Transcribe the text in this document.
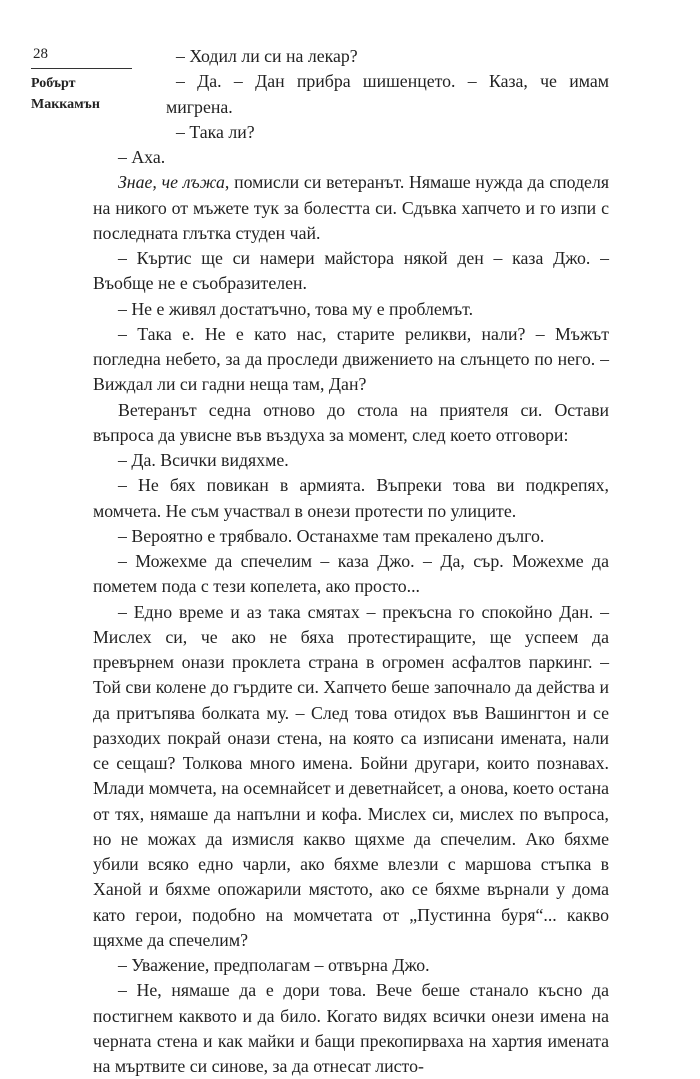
28
Робърт
Маккамън

– Ходил ли си на лекар?

– Да. – Дан прибра шишенцето. – Каза, че имам мигрена.

– Така ли?

– Аха.

Знае, че лъжа, помисли си ветеранът. Нямаше нужда да споделя на никого от мъжете тук за болестта си. Сдъвка хапчето и го изпи с последната глътка студен чай.

– Къртис ще си намери майстора някой ден – каза Джо. – Въобще не е съобразителен.

– Не е живял достатъчно, това му е проблемът.

– Така е. Не е като нас, старите реликви, нали? – Мъжът погледна небето, за да проследи движението на слънцето по него. – Виждал ли си гадни неща там, Дан?

Ветеранът седна отново до стола на приятеля си. Остави въпроса да увисне във въздуха за момент, след което отговори:

– Да. Всички видяхме.

– Не бях повикан в армията. Въпреки това ви подкрепях, момчета. Не съм участвал в онези протести по улиците.

– Вероятно е трябвало. Останахме там прекалено дълго.

– Можехме да спечелим – каза Джо. – Да, сър. Можехме да пометем пода с тези копелета, ако просто...

– Едно време и аз така смятах – прекъсна го спокойно Дан. – Мислех си, че ако не бяха протестиращите, ще успеем да превърнем онази проклета страна в огромен асфалтов паркинг. – Той сви колене до гърдите си. Хапчето беше започнало да действа и да притъпява болката му. – След това отидох във Вашингтон и се разходих покрай онази стена, на която са изписани имената, нали се сещаш? Толкова много имена. Бойни другари, които познавах. Млади момчета, на осемнайсет и деветнайсет, а онова, което остана от тях, нямаше да напълни и кофа. Мислех си, мислех по въпроса, но не можах да измисля какво щяхме да спечелим. Ако бяхме убили всяко едно чарли, ако бяхме влезли с маршова стъпка в Ханой и бяхме опожарили мястото, ако се бяхме върнали у дома като герои, подобно на момчетата от „Пустинна буря“... какво щяхме да спечелим?

– Уважение, предполагам – отвърна Джо.

– Не, нямаше да е дори това. Вече беше станало късно да постигнем каквото и да било. Когато видях всички онези имена на черната стена и как майки и бащи прекопирваха на хартия имената на мъртвите си синове, за да отнесат листо-
